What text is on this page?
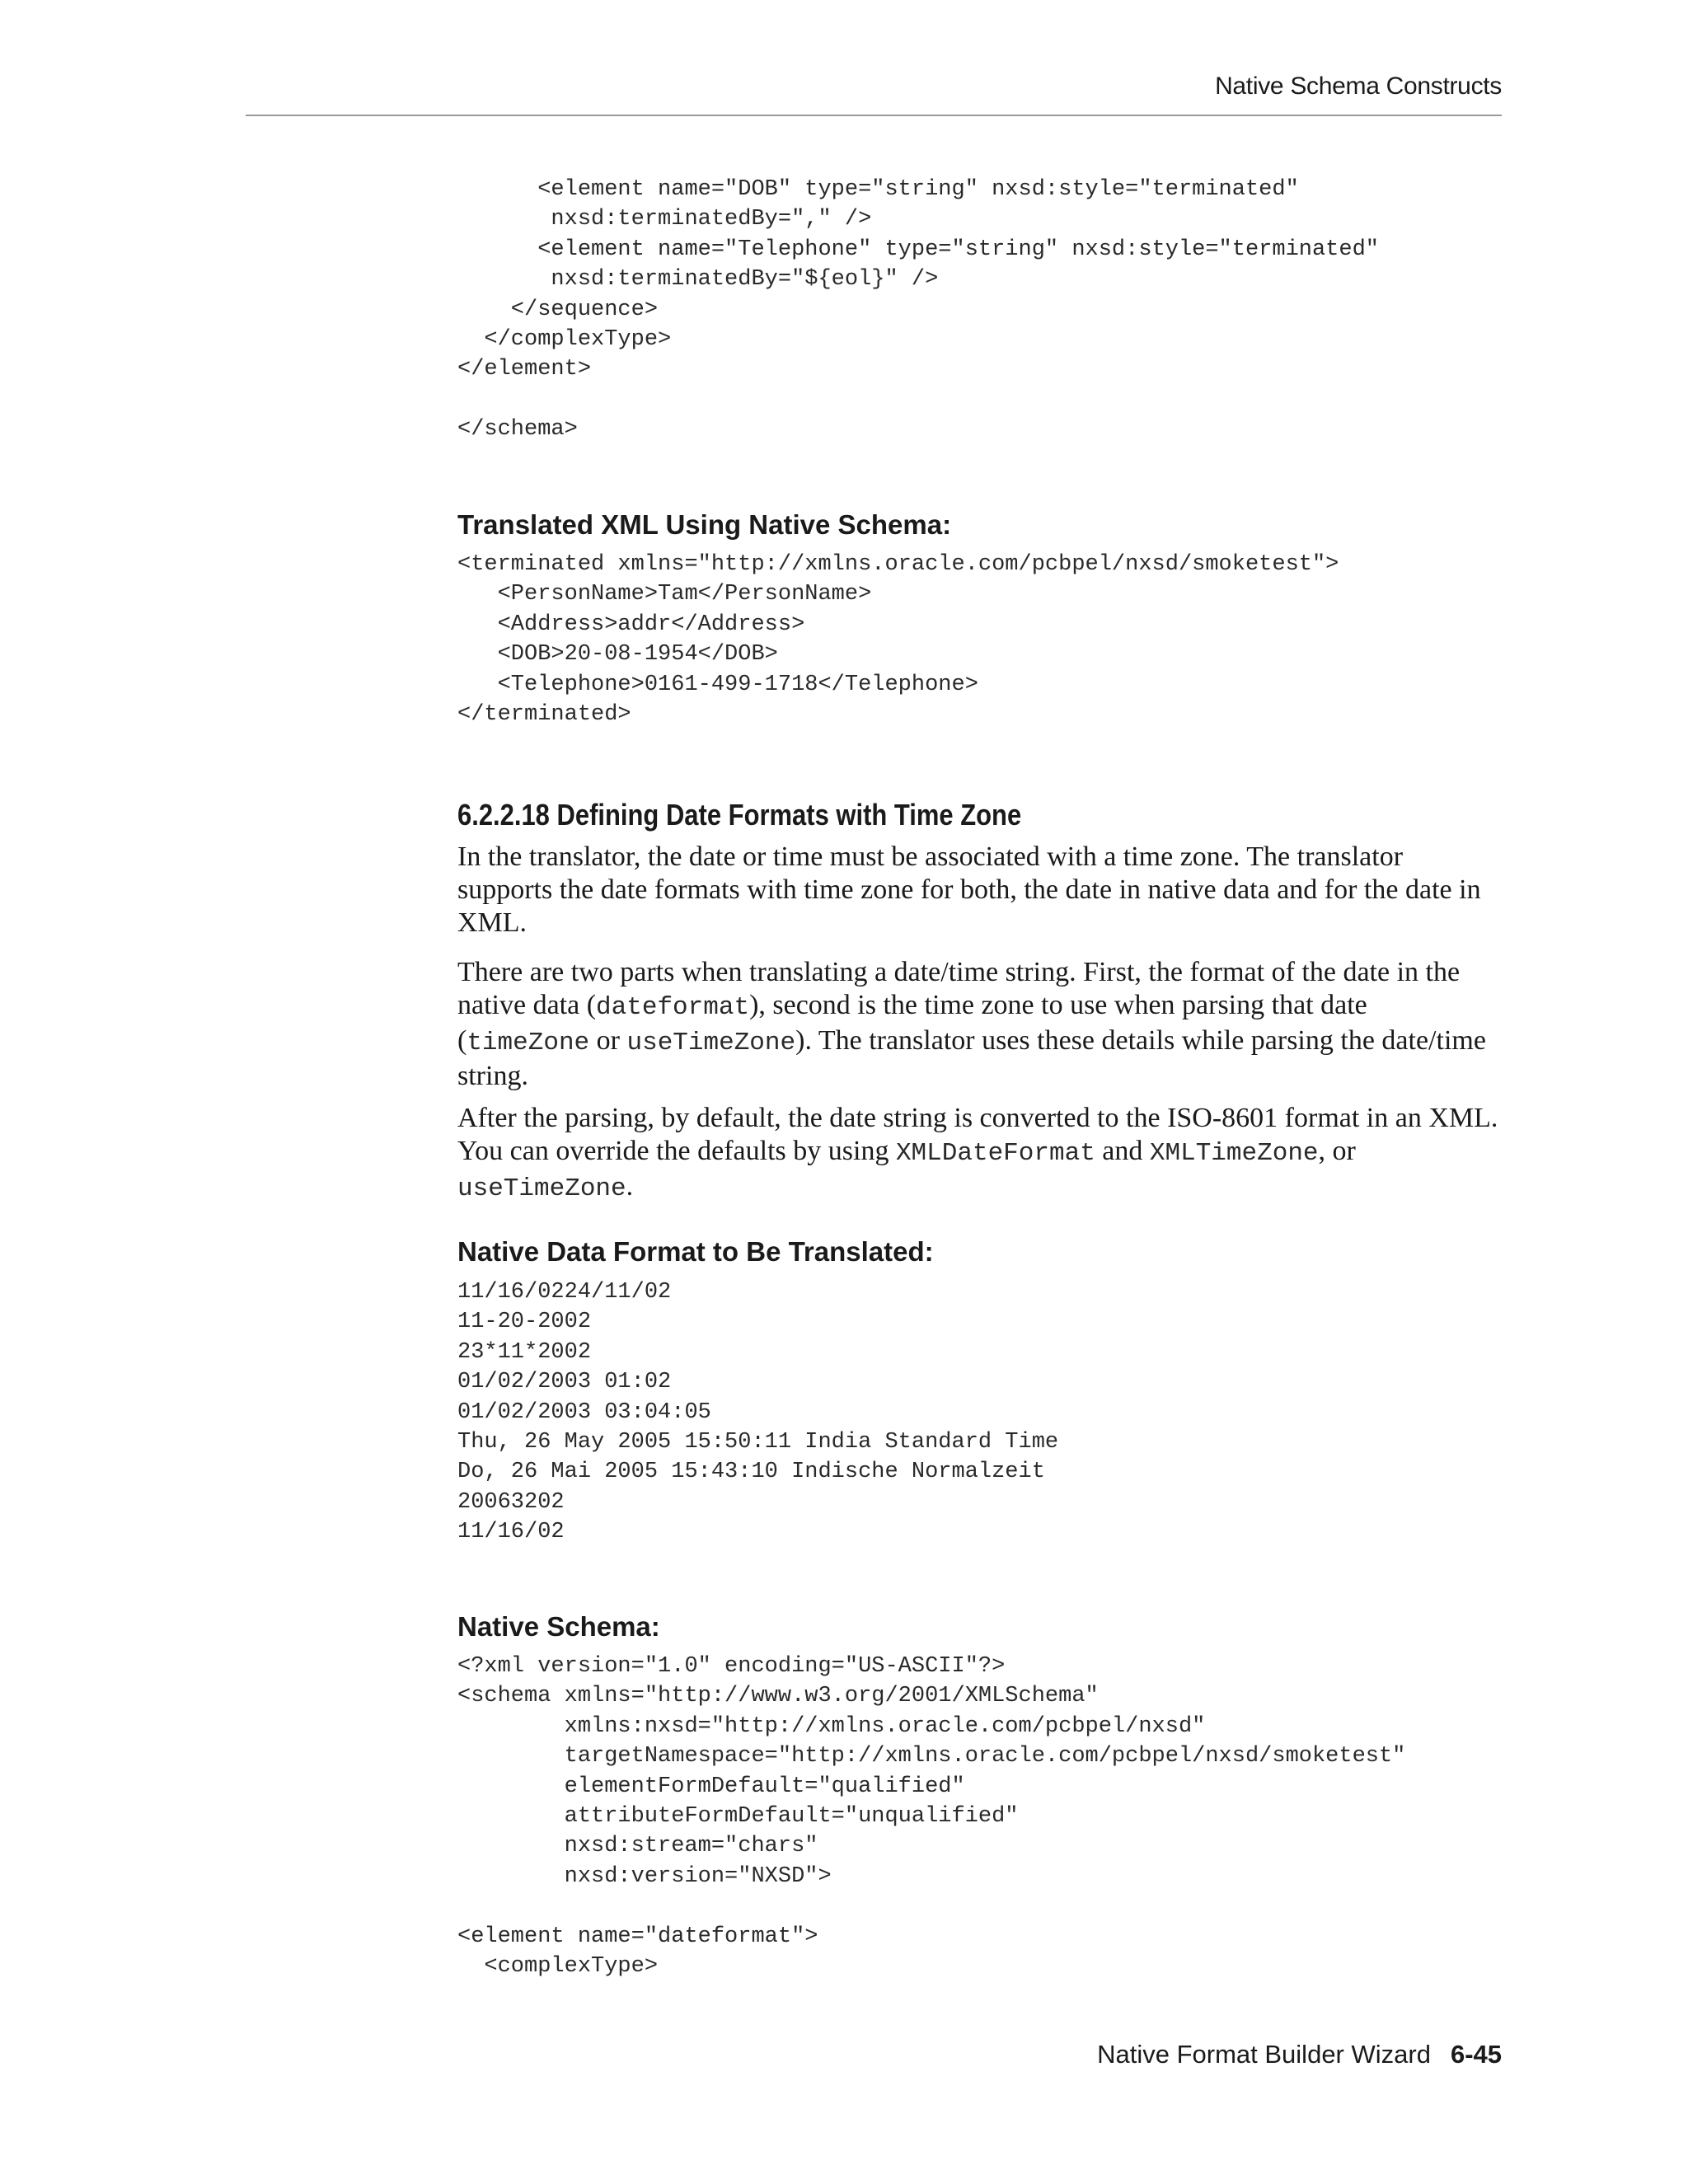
Native Schema Constructs
<element name="DOB" type="string" nxsd:style="terminated"
nxsd:terminatedBy="," />
<element name="Telephone" type="string" nxsd:style="terminated"
nxsd:terminatedBy="${eol}" />
</sequence>
</complexType>
</element>

</schema>
Translated XML Using Native Schema:
<terminated xmlns="http://xmlns.oracle.com/pcbpel/nxsd/smoketest">
<PersonName>Tam</PersonName>
<Address>addr</Address>
<DOB>20-08-1954</DOB>
<Telephone>0161-499-1718</Telephone>
</terminated>
6.2.2.18 Defining Date Formats with Time Zone

In the translator, the date or time must be associated with a time zone. The translator supports the date formats with time zone for both, the date in native data and for the date in XML.

There are two parts when translating a date/time string. First, the format of the date in the native data (dateformat), second is the time zone to use when parsing that date (timeZone or useTimeZone). The translator uses these details while parsing the date/time string.

After the parsing, by default, the date string is converted to the ISO-8601 format in an XML. You can override the defaults by using XMLDateFormat and XMLTimeZone, or useTimeZone.

Native Data Format to Be Translated:
11/16/0224/11/02
11-20-2002
23*11*2002
01/02/2003 01:02
01/02/2003 03:04:05
Thu, 26 May 2005 15:50:11 India Standard Time
Do, 26 Mai 2005 15:43:10 Indische Normalzeit
20063202
11/16/02
Native Schema:
<?xml version="1.0" encoding="US-ASCII"?>
<schema xmlns="http://www.w3.org/2001/XMLSchema"
xmlns:nxsd="http://xmlns.oracle.com/pcbpel/nxsd"
targetNamespace="http://xmlns.oracle.com/pcbpel/nxsd/smoketest"
elementFormDefault="qualified"
attributeFormDefault="unqualified"
nxsd:stream="chars"
nxsd:version="NXSD">

<element name="dateformat">
<complexType>
Native Format Builder Wizard 6-45
